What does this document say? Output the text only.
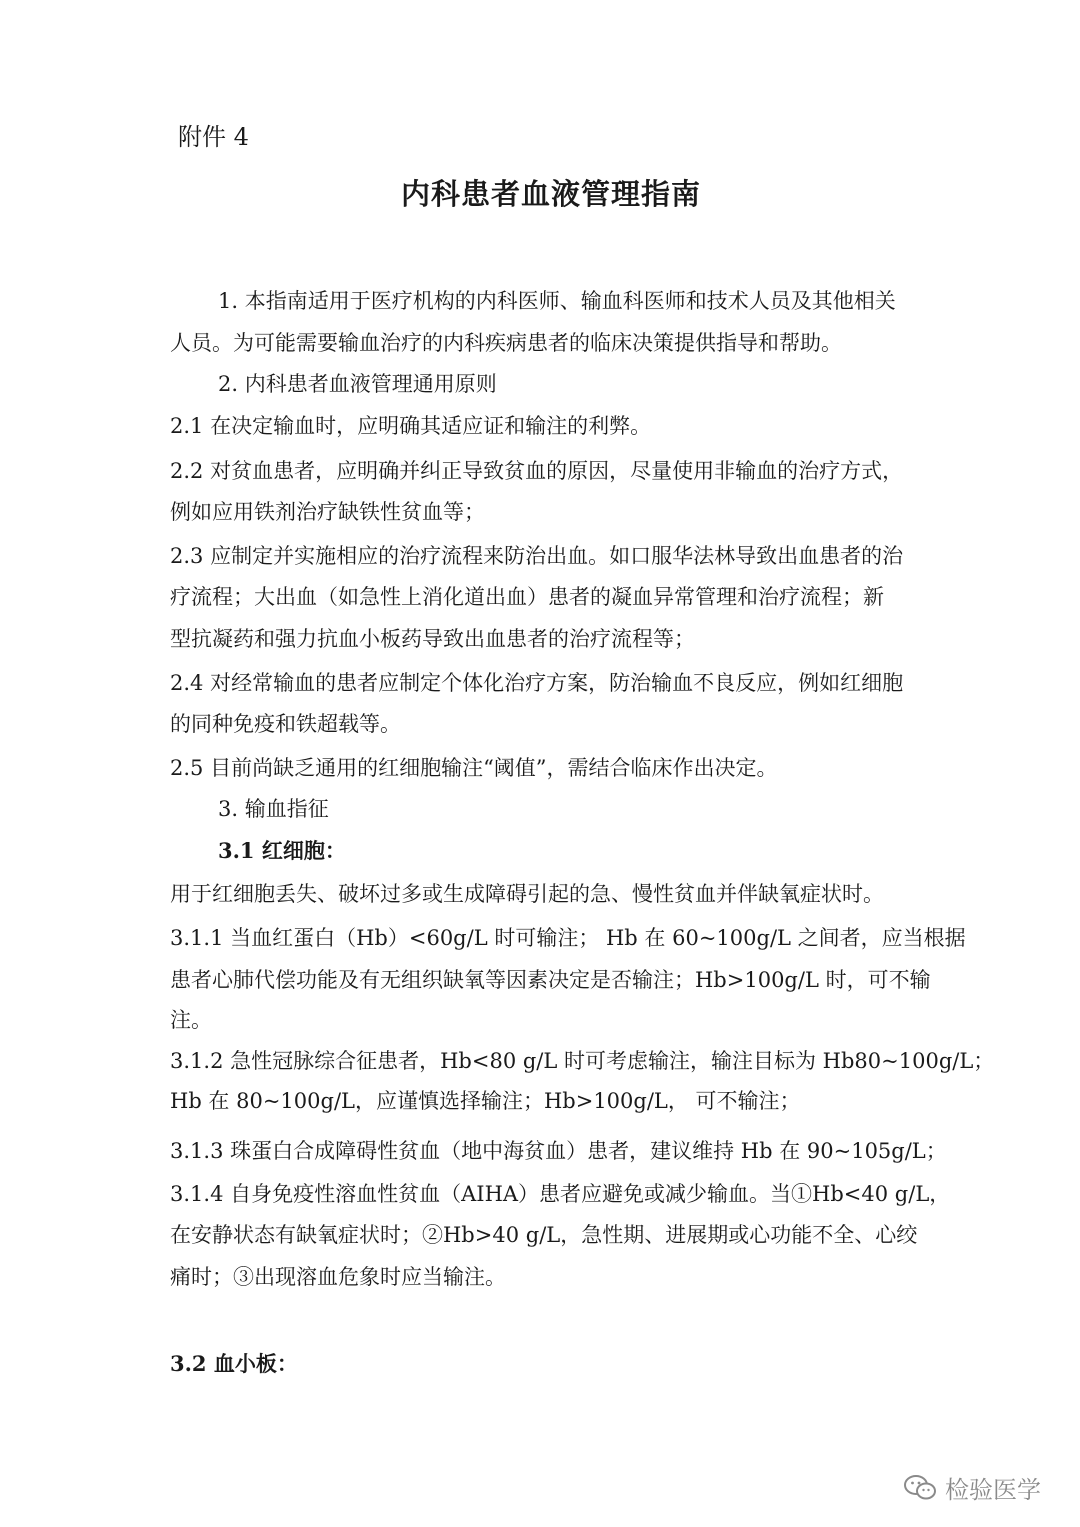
附件 4
内科患者血液管理指南
1. 本指南适用于医疗机构的内科医师、输血科医师和技术人员及其他相关
人员。为可能需要输血治疗的内科疾病患者的临床决策提供指导和帮助。
2. 内科患者血液管理通用原则
2.1 在决定输血时，应明确其适应证和输注的利弊。
2.2 对贫血患者，应明确并纠正导致贫血的原因，尽量使用非输血的治疗方式，
例如应用铁剂治疗缺铁性贫血等；
2.3 应制定并实施相应的治疗流程来防治出血。如口服华法林导致出血患者的治
疗流程；大出血（如急性上消化道出血）患者的凝血异常管理和治疗流程；新
型抗凝药和强力抗血小板药导致出血患者的治疗流程等；
2.4 对经常输血的患者应制定个体化治疗方案，防治输血不良反应，例如红细胞
的同种免疫和铁超载等。
2.5 目前尚缺乏通用的红细胞输注“阈值”，需结合临床作出决定。
3. 输血指征
3.1 红细胞：
用于红细胞丢失、破坏过多或生成障碍引起的急、慢性贫血并伴缺氧症状时。
3.1.1 当血红蛋白（Hb）<60g/L 时可输注； Hb 在 60~100g/L 之间者，应当根据
患者心肺代偿功能及有无组织缺氧等因素决定是否输注；Hb>100g/L 时，可不输
注。
3.1.2 急性冠脉综合征患者，Hb<80 g/L 时可考虑输注，输注目标为 Hb80~100g/L；
Hb 在 80~100g/L，应谨慎选择输注；Hb>100g/L， 可不输注；
3.1.3 珠蛋白合成障碍性贫血（地中海贫血）患者，建议维持 Hb 在 90~105g/L；
3.1.4 自身免疫性溶血性贫血（AIHA）患者应避免或减少输血。当①Hb<40 g/L，
在安静状态有缺氧症状时；②Hb>40 g/L，急性期、进展期或心功能不全、心绞
痛时；③出现溶血危象时应当输注。
3.2 血小板：
检验医学
